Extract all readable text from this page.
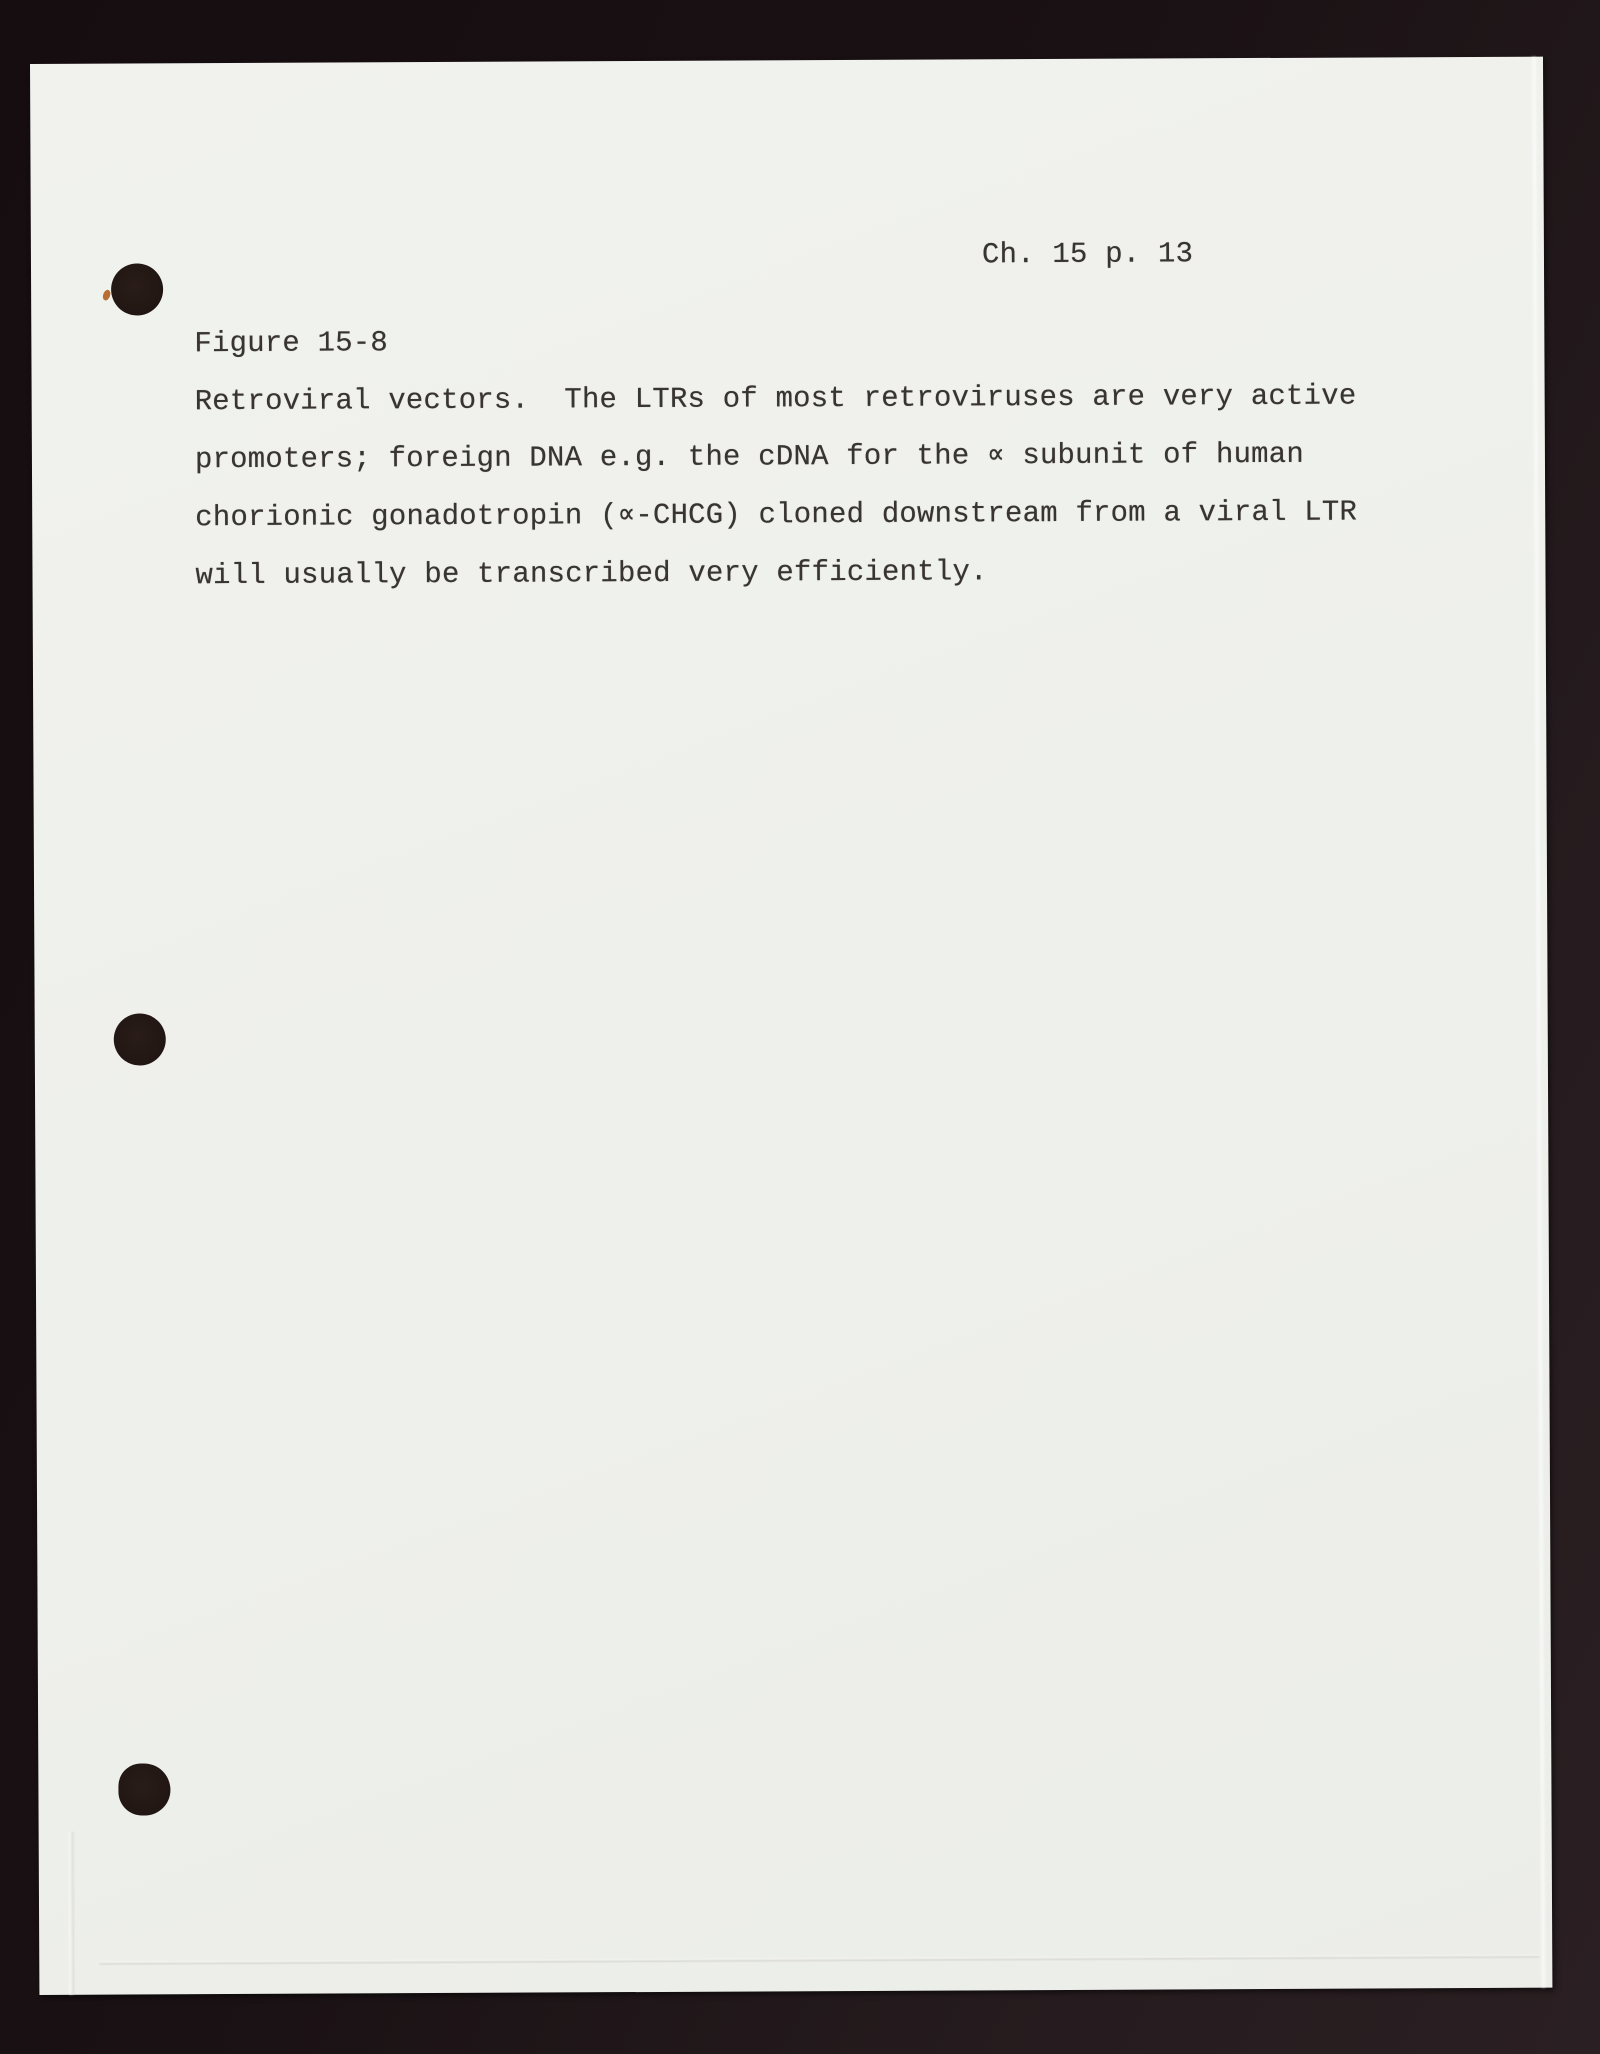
Ch. 15 p. 13
Figure 15-8
Retroviral vectors.  The LTRs of most retroviruses are very active
promoters; foreign DNA e.g. the cDNA for the ∝ subunit of human
chorionic gonadotropin (∝-CHCG) cloned downstream from a viral LTR
will usually be transcribed very efficiently.
